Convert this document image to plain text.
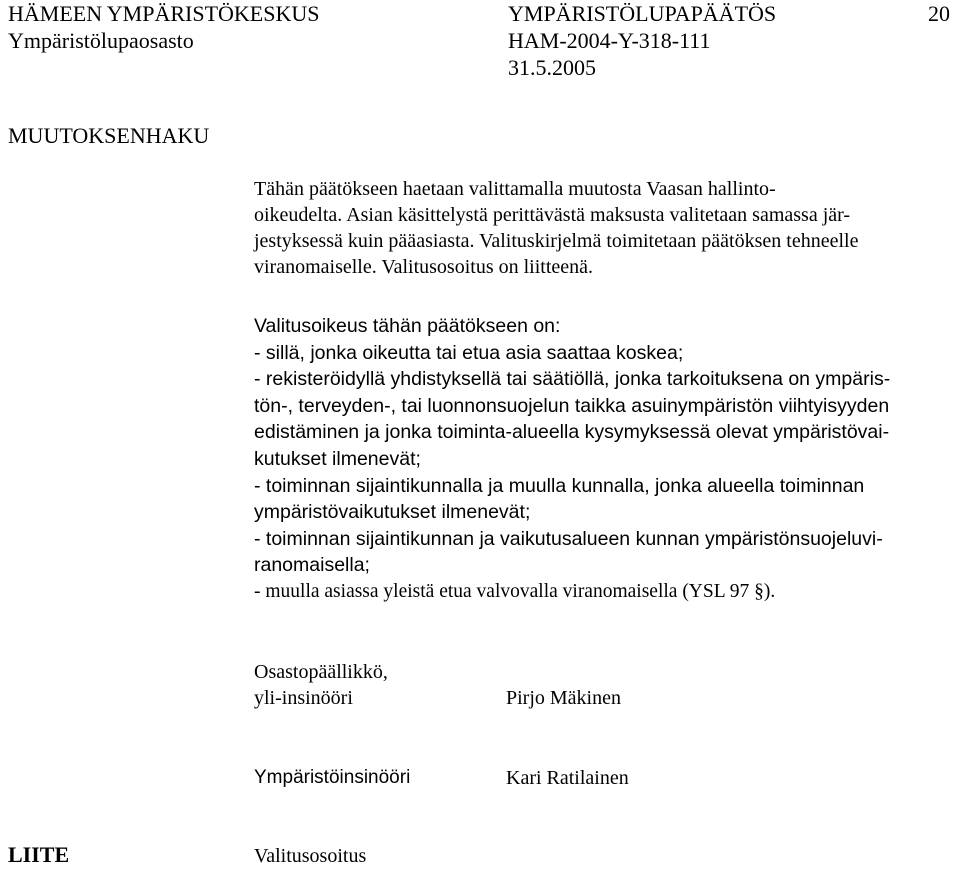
HÄMEEN YMPÄRISTÖKESKUS
Ympäristölupaosasto
YMPÄRISTÖLUPAPÄÄTÖS
HAM-2004-Y-318-111
31.5.2005
20
MUUTOKSENHAKU
Tähän päätökseen haetaan valittamalla muutosta Vaasan hallinto-
oikeudelta. Asian käsittelystä perittävästä maksusta valitetaan samassa jär-
jestyksessä kuin pääasiasta. Valituskirjelmä toimitetaan päätöksen tehneelle
viranomaiselle. Valitusosoitus on liitteenä.
Valitusoikeus tähän päätökseen on:
- sillä, jonka oikeutta tai etua asia saattaa koskea;
- rekisteröidyllä yhdistyksellä tai säätiöllä, jonka tarkoituksena on ympäris-
tön-, terveyden-, tai luonnonsuojelun taikka asuinympäristön viihtyisyyden
edistäminen ja jonka toiminta-alueella kysymyksessä olevat ympäristövai-
kutukset ilmenevät;
- toiminnan sijaintikunnalla ja muulla kunnalla, jonka alueella toiminnan
ympäristövaikutukset ilmenevät;
- toiminnan sijaintikunnan ja vaikutusalueen kunnan ympäristönsuojeluvi-
ranomaisella;
- muulla asiassa yleistä etua valvovalla viranomaisella (YSL 97 §).
Osastopäällikkö,
yli-insinööri	Pirjo Mäkinen
Ympäristöinsinööri	Kari Ratilainen
LIITE	Valitusosoitus
